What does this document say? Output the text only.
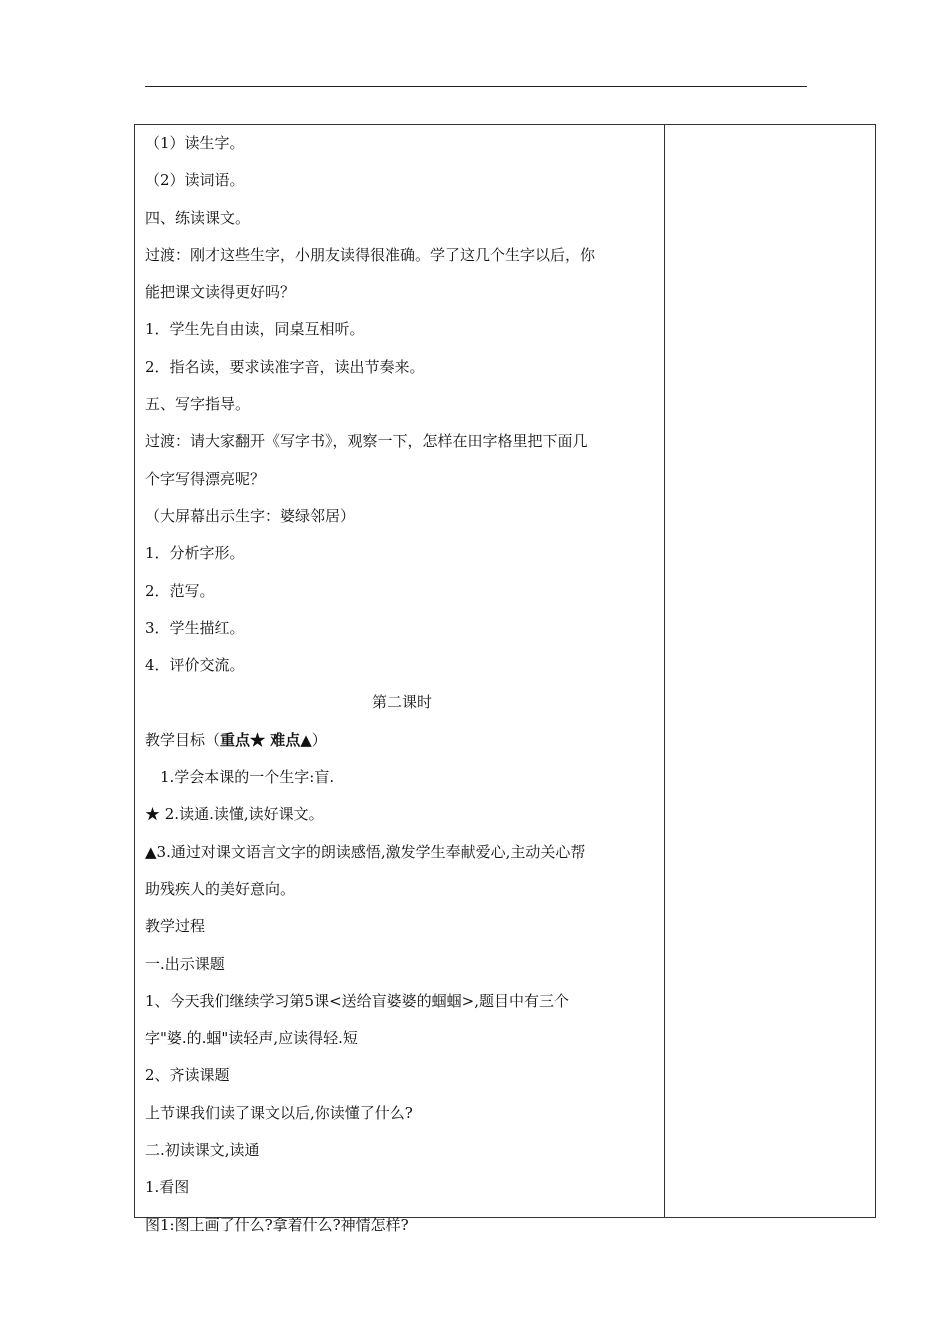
（1）读生字。
（2）读词语。
四、练读课文。
过渡：刚才这些生字，小朋友读得很准确。学了这几个生字以后，你
能把课文读得更好吗？
1．学生先自由读，同桌互相听。
2．指名读，要求读准字音，读出节奏来。
五、写字指导。
过渡：请大家翻开《写字书》，观察一下，怎样在田字格里把下面几
个字写得漂亮呢？
（大屏幕出示生字：婆绿邻居）
1．分析字形。
2．范写。
3．学生描红。
4．评价交流。
第二课时
教学目标（重点★ 难点▲）
1.学会本课的一个生字:盲.
★ 2.读通.读懂,读好课文。
▲3.通过对课文语言文字的朗读感悟,激发学生奉献爱心,主动关心帮
助残疾人的美好意向。
教学过程
一.出示课题
1、今天我们继续学习第5课<送给盲婆婆的蝈蝈>,题目中有三个
字"婆.的.蝈"读轻声,应读得轻.短
2、齐读课题
上节课我们读了课文以后,你读懂了什么?
二.初读课文,读通
1.看图
图1:图上画了什么?拿着什么?神情怎样?
